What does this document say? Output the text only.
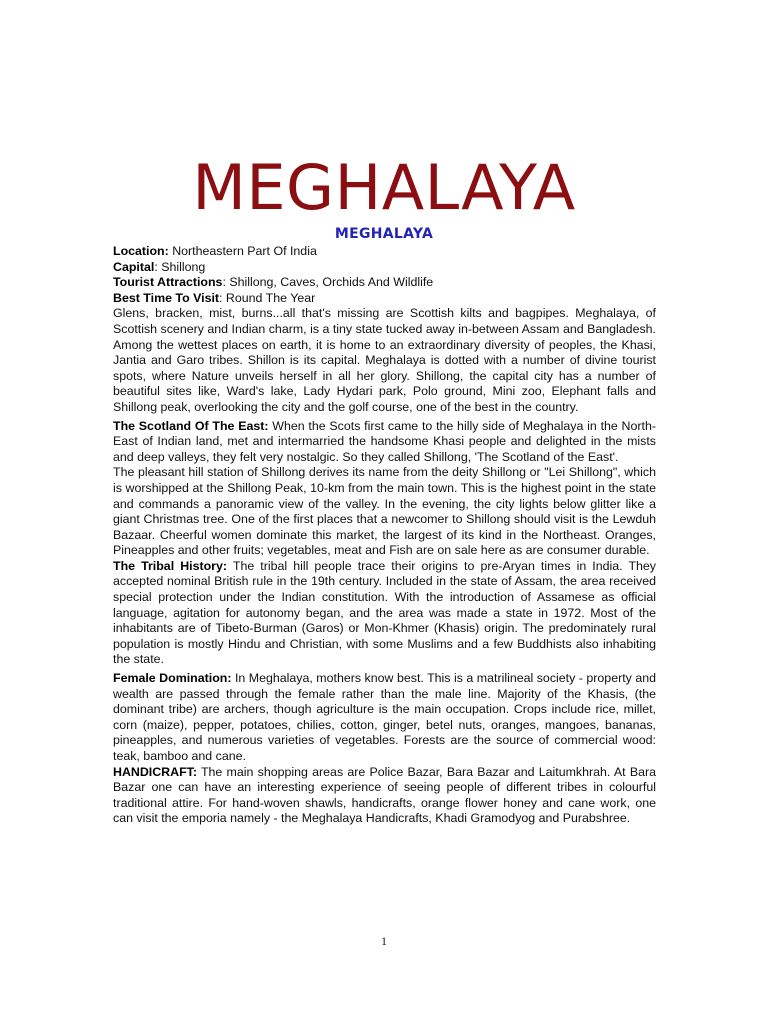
MEGHALAYA
MEGHALAYA

Location: Northeastern Part Of India

Capital: Shillong

Tourist Attractions: Shillong, Caves, Orchids And Wildlife

Best Time To Visit: Round The Year

Glens, bracken, mist, burns...all that's missing are Scottish kilts and bagpipes. Meghalaya, of Scottish scenery and Indian charm, is a tiny state tucked away in-between Assam and Bangladesh. Among the wettest places on earth, it is home to an extraordinary diversity of peoples, the Khasi, Jantia and Garo tribes. Shillon is its capital. Meghalaya is dotted with a number of divine tourist spots, where Nature unveils herself in all her glory. Shillong, the capital city has a number of beautiful sites like, Ward's lake, Lady Hydari park, Polo ground, Mini zoo, Elephant falls and Shillong peak, overlooking the city and the golf course, one of the best in the country.

The Scotland Of The East: When the Scots first came to the hilly side of Meghalaya in the North-East of Indian land, met and intermarried the handsome Khasi people and delighted in the mists and deep valleys, they felt very nostalgic. So they called Shillong, 'The Scotland of the East'.

The pleasant hill station of Shillong derives its name from the deity Shillong or "Lei Shillong", which is worshipped at the Shillong Peak, 10-km from the main town. This is the highest point in the state and commands a panoramic view of the valley. In the evening, the city lights below glitter like a giant Christmas tree. One of the first places that a newcomer to Shillong should visit is the Lewduh Bazaar. Cheerful women dominate this market, the largest of its kind in the Northeast. Oranges, Pineapples and other fruits; vegetables, meat and Fish are on sale here as are consumer durable.

The Tribal History: The tribal hill people trace their origins to pre-Aryan times in India. They accepted nominal British rule in the 19th century. Included in the state of Assam, the area received special protection under the Indian constitution. With the introduction of Assamese as official language, agitation for autonomy began, and the area was made a state in 1972. Most of the inhabitants are of Tibeto-Burman (Garos) or Mon-Khmer (Khasis) origin. The predominately rural population is mostly Hindu and Christian, with some Muslims and a few Buddhists also inhabiting the state.

Female Domination: In Meghalaya, mothers know best. This is a matrilineal society - property and wealth are passed through the female rather than the male line. Majority of the Khasis, (the dominant tribe) are archers, though agriculture is the main occupation. Crops include rice, millet, corn (maize), pepper, potatoes, chilies, cotton, ginger, betel nuts, oranges, mangoes, bananas, pineapples, and numerous varieties of vegetables. Forests are the source of commercial wood: teak, bamboo and cane.

HANDICRAFT: The main shopping areas are Police Bazar, Bara Bazar and Laitumkhrah. At Bara Bazar one can have an interesting experience of seeing people of different tribes in colourful traditional attire. For hand-woven shawls, handicrafts, orange flower honey and cane work, one can visit the emporia namely - the Meghalaya Handicrafts, Khadi Gramodyog and Purabshree.

1
